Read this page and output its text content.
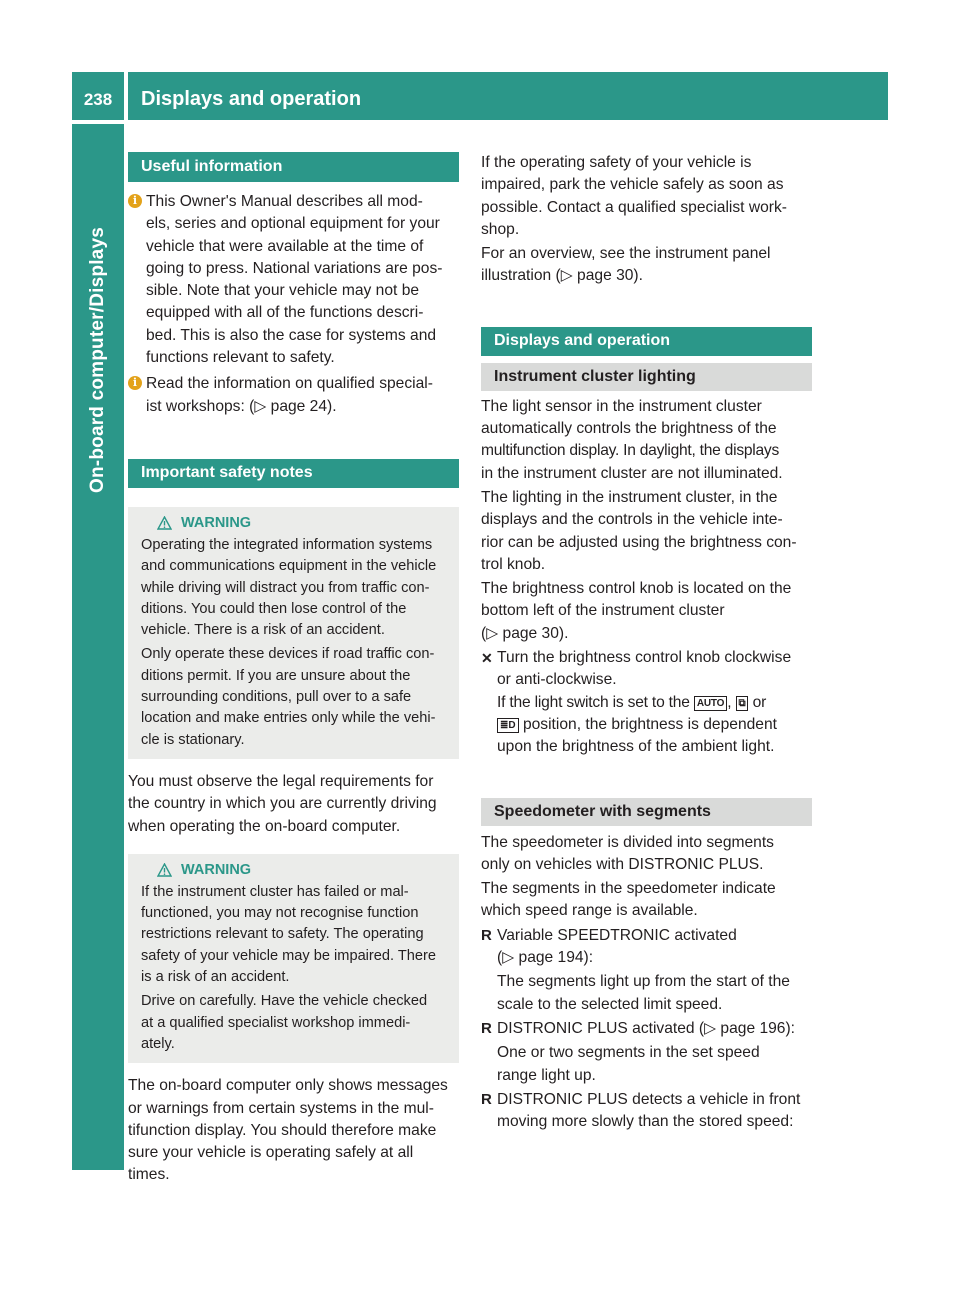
238	Displays and operation
On-board computer/Displays
Useful information
i This Owner's Manual describes all mod-
els, series and optional equipment for your
vehicle that were available at the time of
going to press. National variations are pos-
sible. Note that your vehicle may not be
equipped with all of the functions descri-
bed. This is also the case for systems and
functions relevant to safety.
i Read the information on qualified special-
ist workshops: (▷ page 24).
Important safety notes
WARNING

Operating the integrated information systems
and communications equipment in the vehicle
while driving will distract you from traffic con-
ditions. You could then lose control of the
vehicle. There is a risk of an accident.

Only operate these devices if road traffic con-
ditions permit. If you are unsure about the
surrounding conditions, pull over to a safe
location and make entries only while the vehi-
cle is stationary.

You must observe the legal requirements for
the country in which you are currently driving
when operating the on-board computer.

WARNING

If the instrument cluster has failed or mal-
functioned, you may not recognise function
restrictions relevant to safety. The operating
safety of your vehicle may be impaired. There
is a risk of an accident.

Drive on carefully. Have the vehicle checked
at a qualified specialist workshop immedi-
ately.

The on-board computer only shows messages
or warnings from certain systems in the mul-
tifunction display. You should therefore make
sure your vehicle is operating safely at all
times.

If the operating safety of your vehicle is
impaired, park the vehicle safely as soon as
possible. Contact a qualified specialist work-
shop.

For an overview, see the instrument panel
illustration (▷ page 30).

Displays and operation
Instrument cluster lighting

The light sensor in the instrument cluster
automatically controls the brightness of the
multifunction display. In daylight, the displays
in the instrument cluster are not illuminated.

The lighting in the instrument cluster, in the
displays and the controls in the vehicle inte-
rior can be adjusted using the brightness con-
trol knob.

The brightness control knob is located on the
bottom left of the instrument cluster
(▷ page 30).

✕ Turn the brightness control knob clockwise
or anti-clockwise.
If the light switch is set to the AUTO , ⧉ or
≣D position, the brightness is dependent
upon the brightness of the ambient light.

Speedometer with segments

The speedometer is divided into segments
only on vehicles with DISTRONIC PLUS.

The segments in the speedometer indicate
which speed range is available.

R Variable SPEEDTRONIC activated
(▷ page 194):

The segments light up from the start of the
scale to the selected limit speed.

R DISTRONIC PLUS activated (▷ page 196):

One or two segments in the set speed
range light up.

R DISTRONIC PLUS detects a vehicle in front
moving more slowly than the stored speed:
